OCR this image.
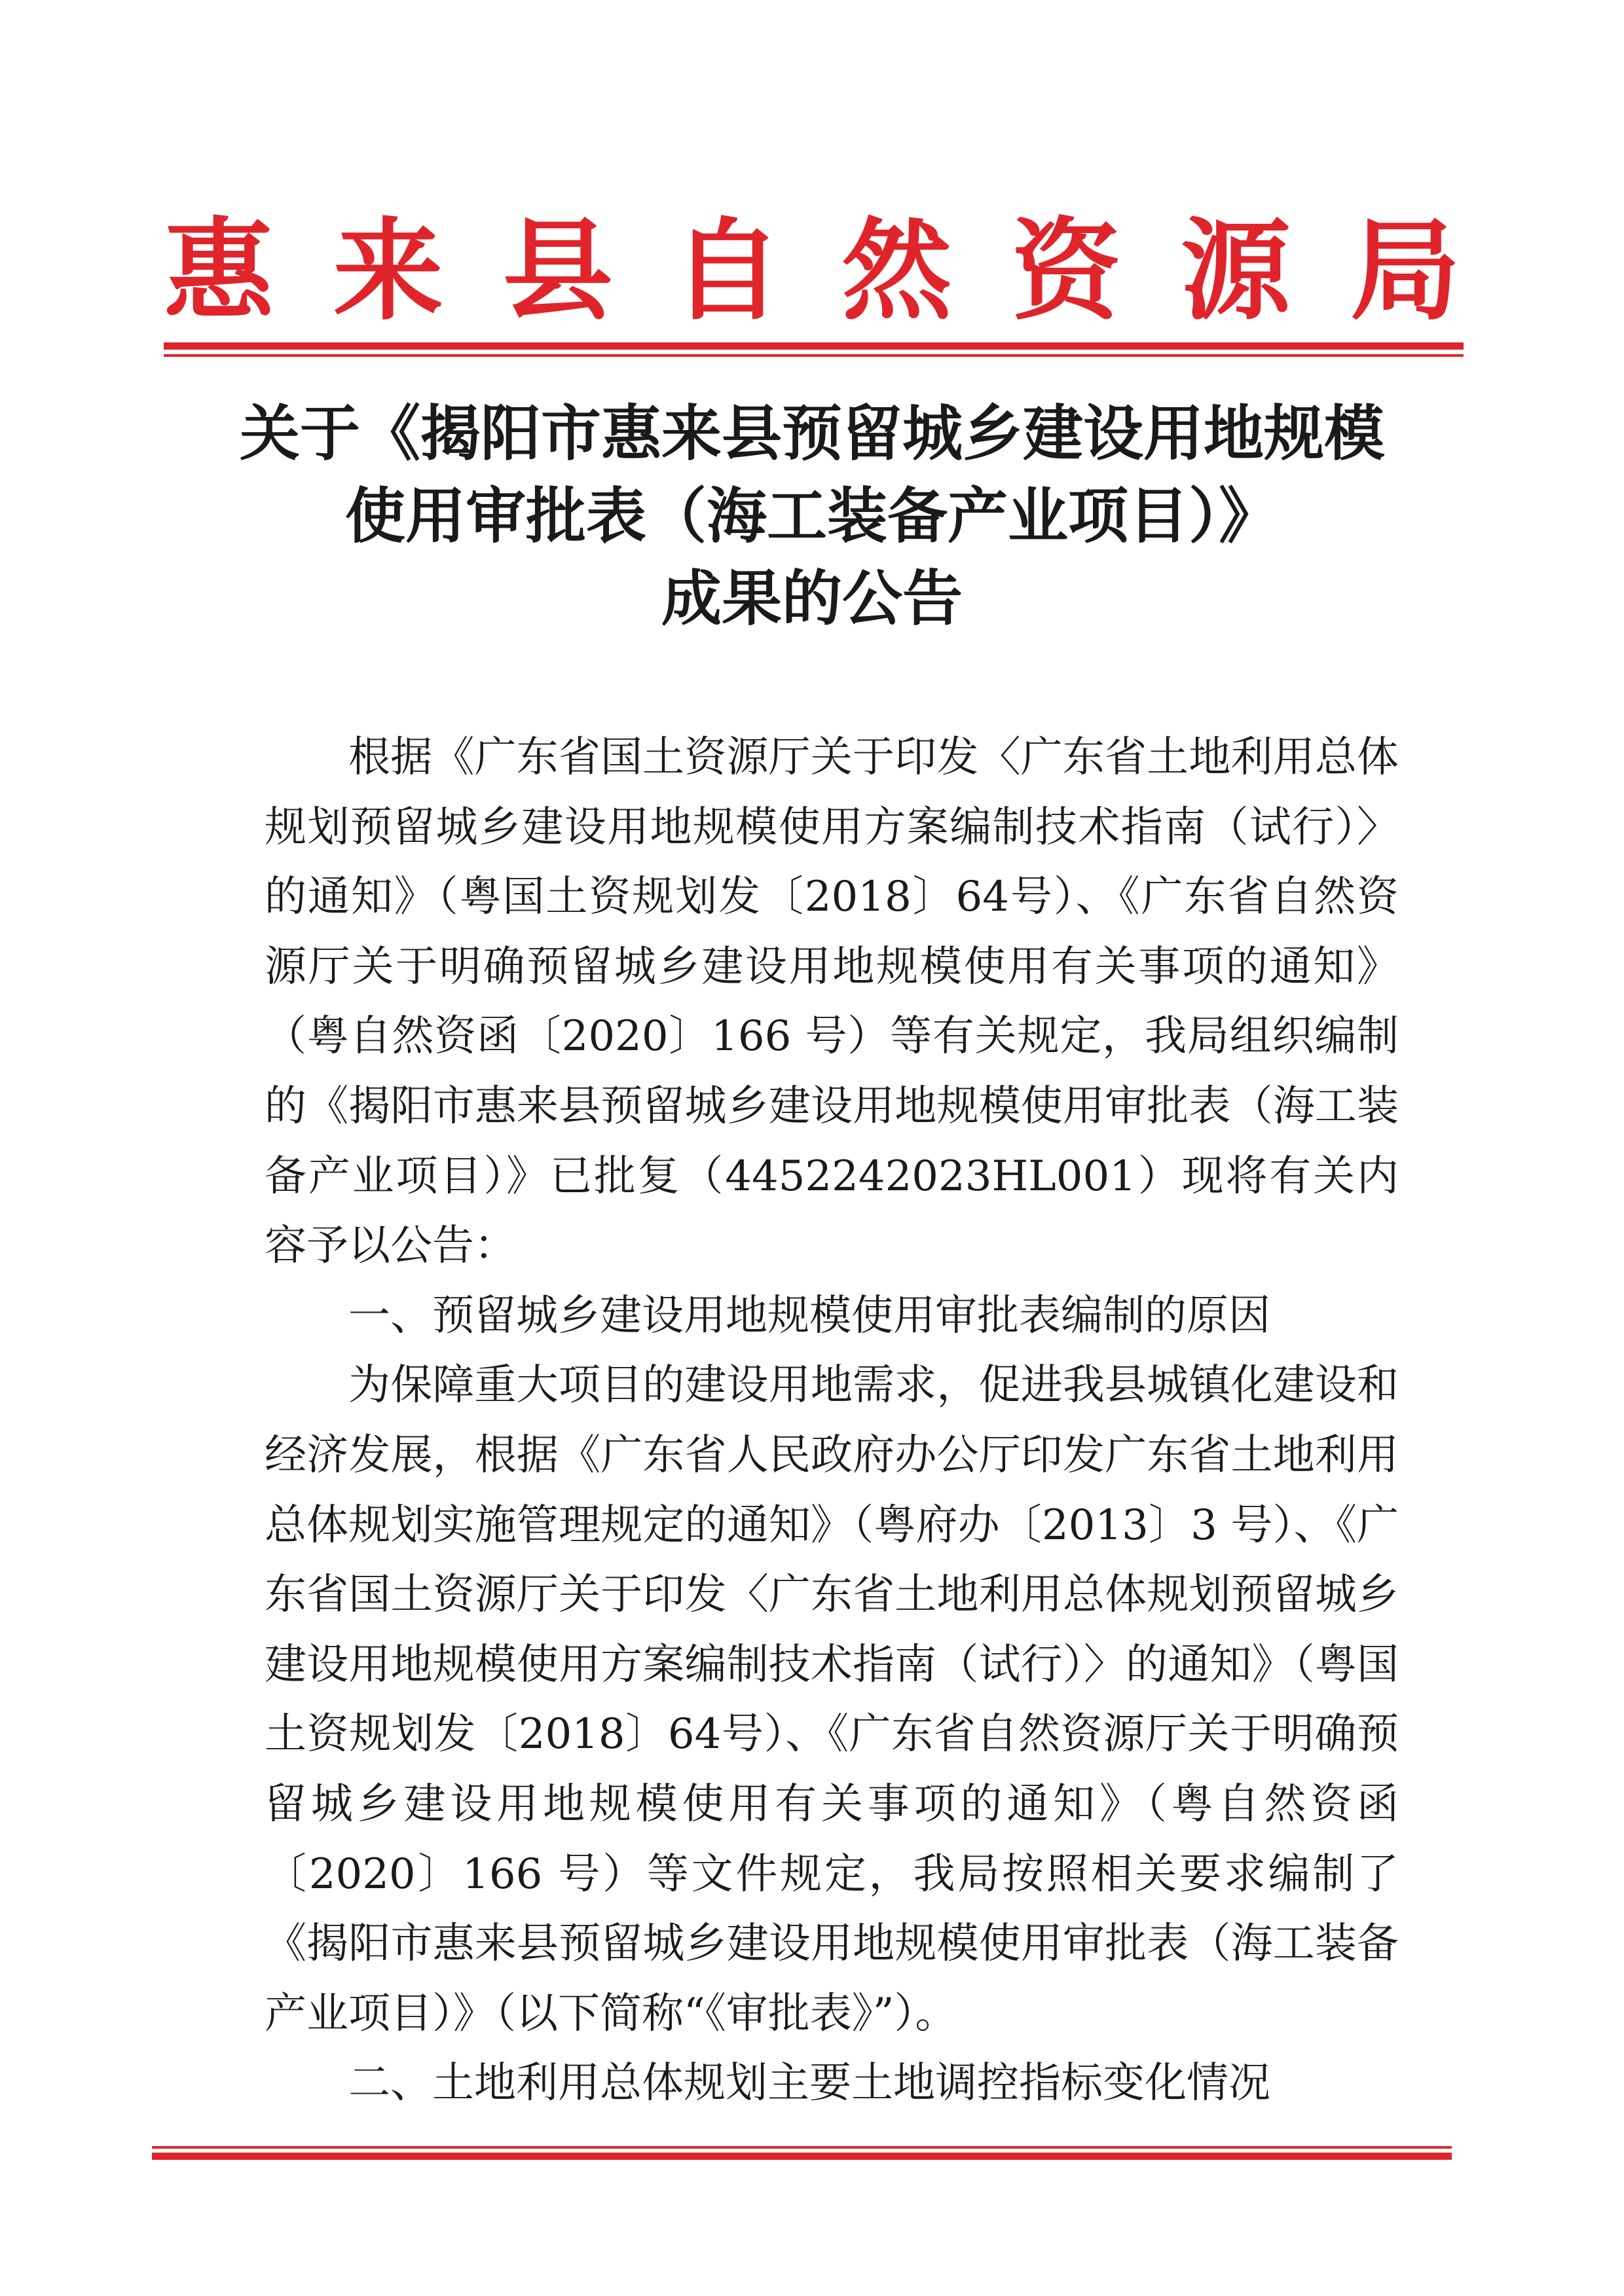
惠 来 县 自 然 资 源 局
关于《揭阳市惠来县预留城乡建设用地规模
使用审批表（海工装备产业项目）》
成果的公告

根据《广东省国土资源厅关于印发〈广东省土地利用总体规划预留城乡建设用地规模使用方案编制技术指南（试行）〉的通知》（粤国土资规划发〔2018〕64号）、《广东省自然资源厅关于明确预留城乡建设用地规模使用有关事项的通知》（粤自然资函〔2020〕166 号）等有关规定，我局组织编制的《揭阳市惠来县预留城乡建设用地规模使用审批表（海工装备产业项目）》已批复（4452242023HL001）现将有关内容予以公告：

一、预留城乡建设用地规模使用审批表编制的原因

为保障重大项目的建设用地需求，促进我县城镇化建设和经济发展，根据《广东省人民政府办公厅印发广东省土地利用总体规划实施管理规定的通知》（粤府办〔2013〕3 号）、《广东省国土资源厅关于印发〈广东省土地利用总体规划预留城乡建设用地规模使用方案编制技术指南（试行）〉的通知》（粤国土资规划发〔2018〕64号）、《广东省自然资源厅关于明确预留城乡建设用地规模使用有关事项的通知》（粤自然资函〔2020〕166 号）等文件规定，我局按照相关要求编制了《揭阳市惠来县预留城乡建设用地规模使用审批表（海工装备产业项目）》（以下简称“《审批表》”）。

二、土地利用总体规划主要土地调控指标变化情况
